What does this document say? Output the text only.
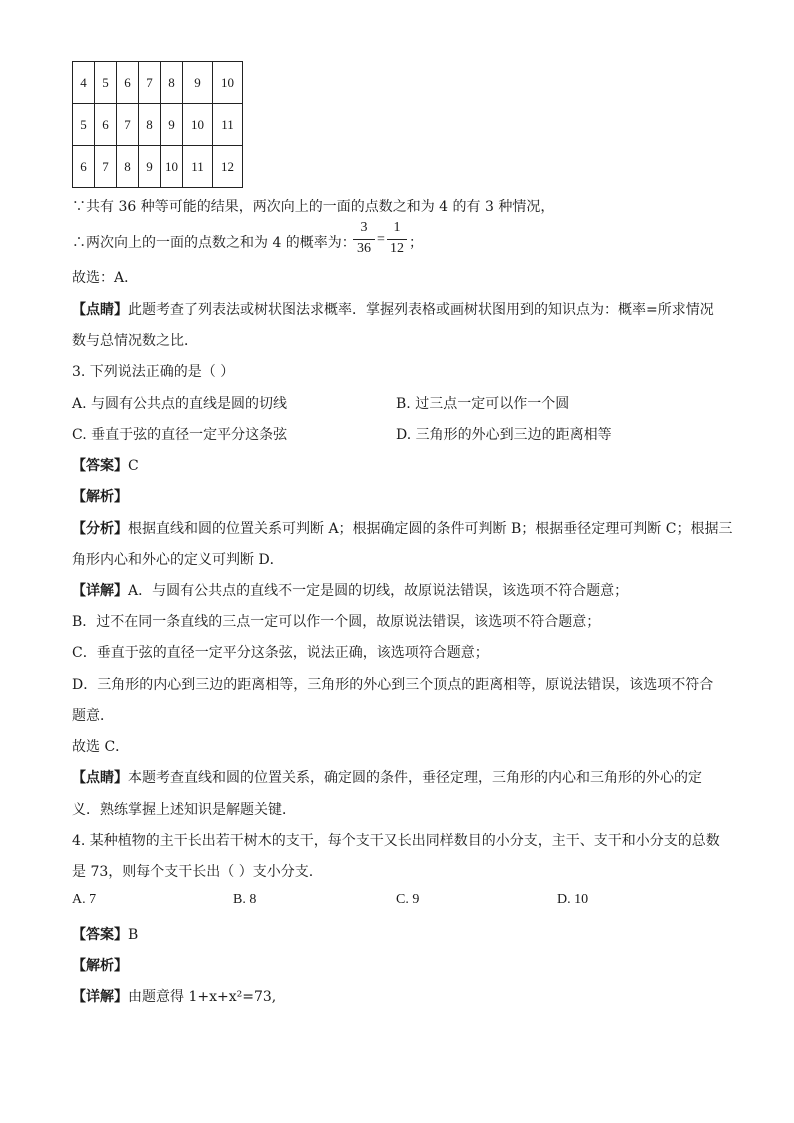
4	5	6	7	8	9	10
5	6	7	8	9	10	11
6	7	8	9	10	11	12
∵共有 36 种等可能的结果，两次向上的一面的点数之和为 4 的有 3 种情况，
∴两次向上的一面的点数之和为 4 的概率为：
3
36
=
1
12 ；
故选：A．
【点睛】此题考查了列表法或树状图法求概率．掌握列表格或画树状图用到的知识点为：概率=所求情况
数与总情况数之比．
3. 下列说法正确的是（ ）
A. 与圆有公共点的直线是圆的切线	B. 过三点一定可以作一个圆
C. 垂直于弦的直径一定平分这条弦	D. 三角形的外心到三边的距离相等
【答案】C
【解析】
【分析】根据直线和圆的位置关系可判断 A；根据确定圆的条件可判断 B；根据垂径定理可判断 C；根据三
角形内心和外心的定义可判断 D．
【详解】A．与圆有公共点的直线不一定是圆的切线，故原说法错误，该选项不符合题意；
B．过不在同一条直线的三点一定可以作一个圆，故原说法错误，该选项不符合题意；
C．垂直于弦的直径一定平分这条弦，说法正确，该选项符合题意；
D．三角形的内心到三边的距离相等，三角形的外心到三个顶点的距离相等，原说法错误，该选项不符合
题意．
故选 C．
【点睛】本题考查直线和圆的位置关系，确定圆的条件，垂径定理，三角形的内心和三角形的外心的定
义．熟练掌握上述知识是解题关键．
4. 某种植物的主干长出若干树木的支干，每个支干又长出同样数目的小分支，主干、支干和小分支的总数
是 73，则每个支干长出（ ）支小分支.
A. 7	B. 8	C. 9	D. 10
【答案】B
【解析】
【详解】由题意得 1+x+x²=73,
